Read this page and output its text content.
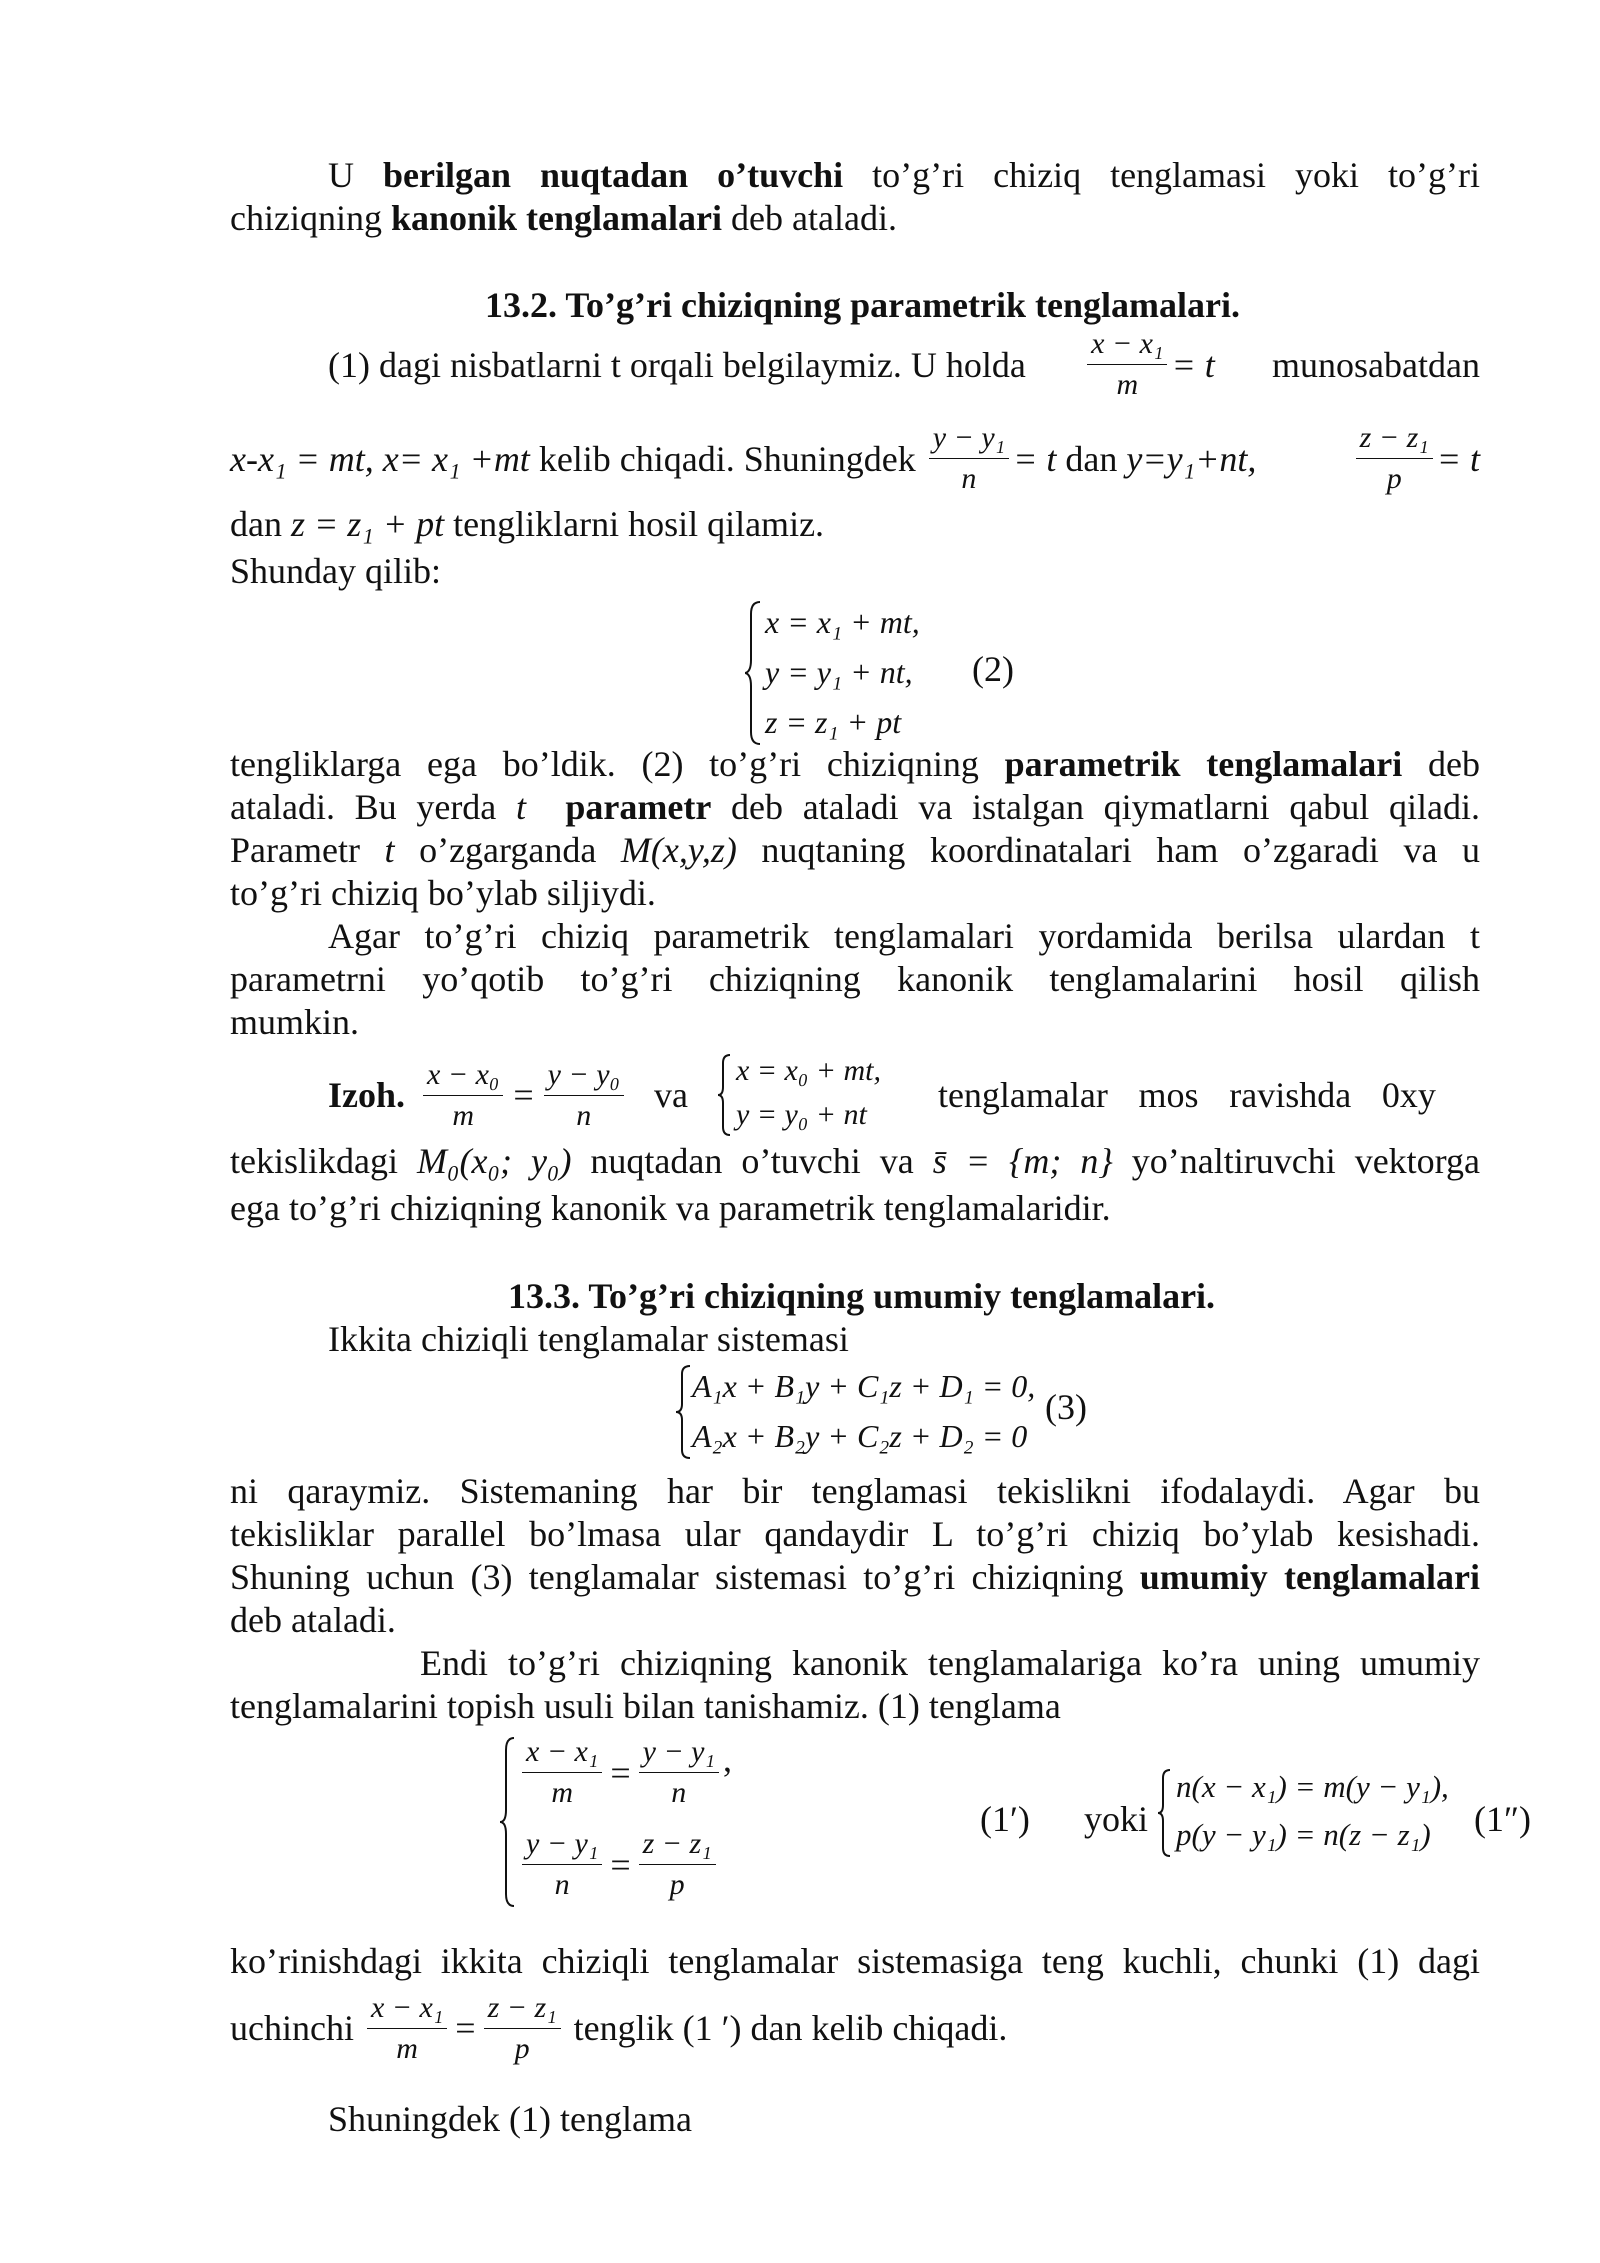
U berilgan nuqtadan o’tuvchi to’g’ri chiziq tenglamasi yoki to’g’ri
chiziqning kanonik tenglamalari deb ataladi.
13.2. To’g’ri chiziqning parametrik tenglamalari.
(1) dagi nisbatlarni t orqali belgilaymiz. U holda $\frac{\text{x − x₁}}{m} = t$ munosabatdan
x-x₁ = mt, x= x₁ +mt kelib chiqadi. Shuningdek $\frac{\text{y − y₁}}{n} = t$ dan y=y₁+nt,	$\frac{\text{z − z₁}}{p} = t$
dan z = z₁ + pt tengliklarni hosil qilamiz.
Shunday qilib:
x = x₁ + mt,
y = y₁ + nt,
z = z₁ + pt
(2)
tengliklarga ega bo’ldik. (2) to’g’ri chiziqning parametrik tenglamalari deb
ataladi. Bu yerda t parametr deb ataladi va istalgan qiymatlarni qabul qiladi.
Parametr t o’zgarganda M(x,y,z) nuqtaning koordinatalari ham o’zgaradi va u
to’g’ri chiziq bo’ylab siljiydi.
Agar to’g’ri chiziq parametrik tenglamalari yordamida berilsa ulardan t
parametrni yo’qotib to’g’ri chiziqning kanonik tenglamalarini hosil qilish
mumkin.
Izoh. $\frac{\text{x − x₀}}{m} = \frac{\text{y − y₀}}{n}$ va
x = x₀ + mt,
y = y₀ + nt tenglamalar mos ravishda 0xy
tekislikdagi M₀(x₀; y₀) nuqtadan o’tuvchi va s̄ = {m; n} yo’naltiruvchi vektorga
ega to’g’ri chiziqning kanonik va parametrik tenglamalaridir.
13.3. To’g’ri chiziqning umumiy tenglamalari.
Ikkita chiziqli tenglamalar sistemasi
A₁x + B₁y + C₁z + D₁ = 0,
A₂x + B₂y + C₂z + D₂ = 0
(3)
ni qaraymiz. Sistemaning har bir tenglamasi tekislikni ifodalaydi. Agar bu
tekisliklar parallel bo’lmasa ular qandaydir L to’g’ri chiziq bo’ylab kesishadi.
Shuning uchun (3) tenglamalar sistemasi to’g’ri chiziqning umumiy tenglamalari
deb ataladi.
Endi to’g’ri chiziqning kanonik tenglamalariga ko’ra uning umumiy
tenglamalarini topish usuli bilan tanishamiz. (1) tenglama
$\frac{\text{x − x₁}}{m} = \frac{\text{y − y₁}}{n}$ ,
$\frac{\text{y − y₁}}{n} = \frac{\text{z − z₁}}{p}$
(1′) yoki
n(x − x₁) = m(y − y₁),
p(y − y₁) = n(z − z₁) (1″)
ko’rinishdagi ikkita chiziqli tenglamalar sistemasiga teng kuchli, chunki (1) dagi
uchinchi $\frac{\text{x − x₁}}{m} = \frac{\text{z − z₁}}{p}$ tenglik (1 ′) dan kelib chiqadi.
Shuningdek (1) tenglama
